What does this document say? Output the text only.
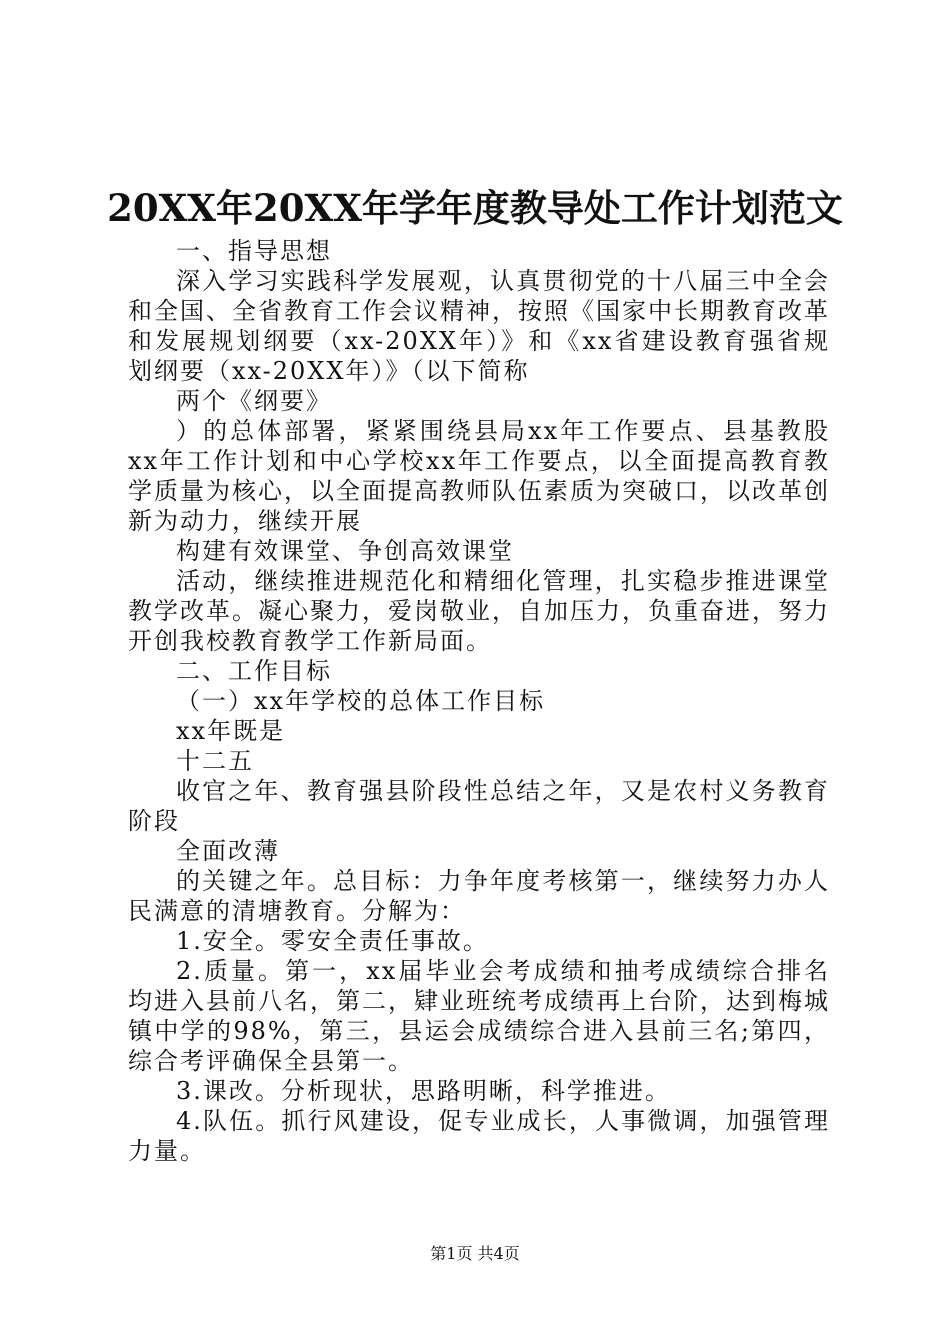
20XX年20XX年学年度教导处工作计划范文

一、指导思想

深入学习实践科学发展观，认真贯彻党的十八届三中全会和全国、全省教育工作会议精神，按照《国家中长期教育改革和发展规划纲要（xx-20XX年）》和《xx省建设教育强省规划纲要（xx-20XX年）》（以下简称

两个《纲要》

）的总体部署，紧紧围绕县局xx年工作要点、县基教股xx年工作计划和中心学校xx年工作要点，以全面提高教育教学质量为核心，以全面提高教师队伍素质为突破口，以改革创新为动力，继续开展

构建有效课堂、争创高效课堂

活动，继续推进规范化和精细化管理，扎实稳步推进课堂教学改革。凝心聚力，爱岗敬业，自加压力，负重奋进，努力开创我校教育教学工作新局面。

二、工作目标

（一）xx年学校的总体工作目标

xx年既是

十二五

收官之年、教育强县阶段性总结之年，又是农村义务教育阶段

全面改薄

的关键之年。总目标：力争年度考核第一，继续努力办人民满意的清塘教育。分解为：

1.安全。零安全责任事故。

2.质量。第一，xx届毕业会考成绩和抽考成绩综合排名均进入县前八名，第二，肄业班统考成绩再上台阶，达到梅城镇中学的98%，第三，县运会成绩综合进入县前三名;第四，综合考评确保全县第一。

3.课改。分析现状，思路明晰，科学推进。

4.队伍。抓行风建设，促专业成长，人事微调，加强管理力量。

第1页 共4页
